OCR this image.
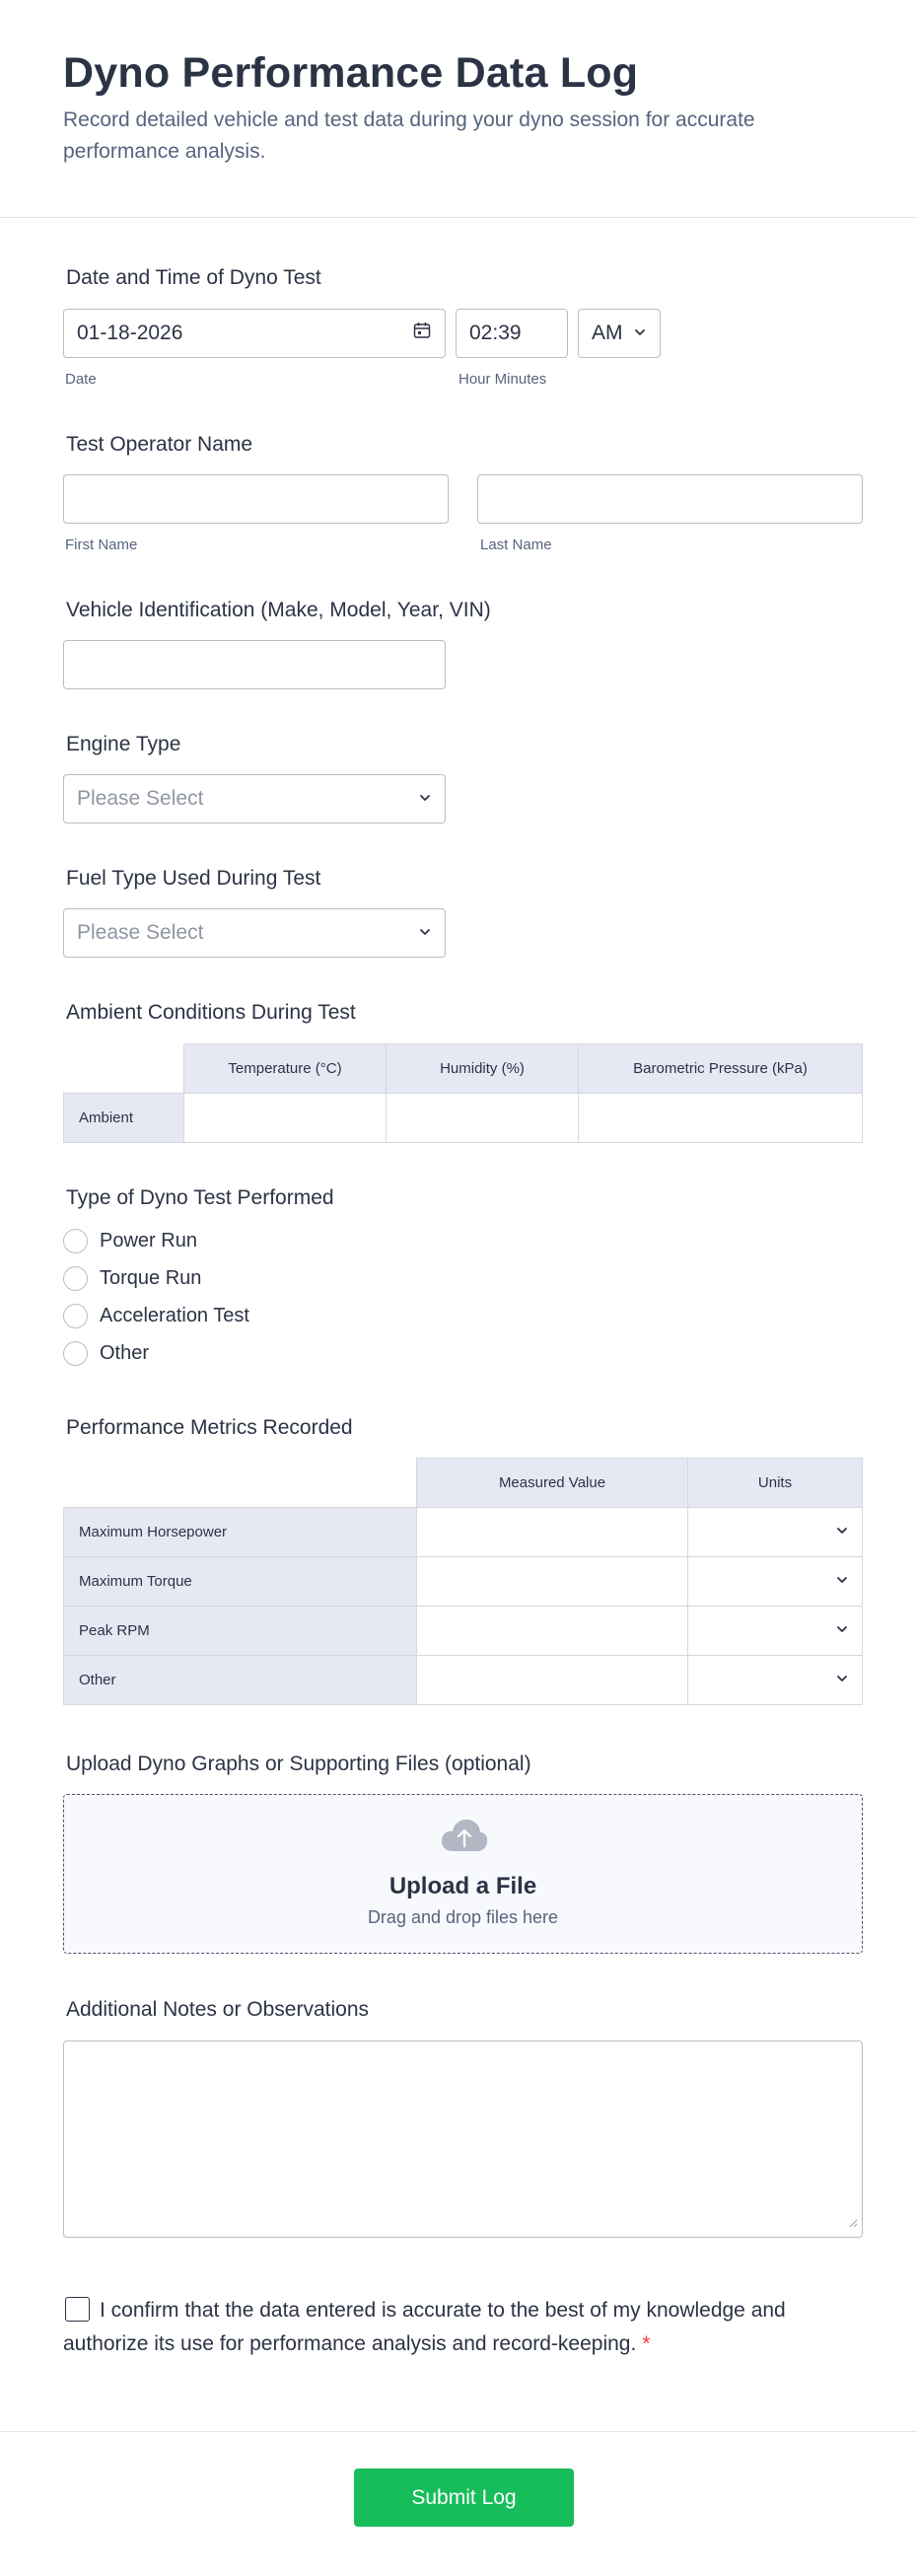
Dyno Performance Data Log

Record detailed vehicle and test data during your dyno session for accurate performance analysis.

Date and Time of Dyno Test
01-18-2026
Date
02:39	AM
Hour Minutes
Test Operator Name
First Name	Last Name
Vehicle Identification (Make, Model, Year, VIN)
Engine Type
Please Select
Fuel Type Used During Test
Please Select
Ambient Conditions During Test
	Temperature (°C)	Humidity (%)	Barometric Pressure (kPa)
Ambient			
Type of Dyno Test Performed
Power Run
Torque Run
Acceleration Test
Other
Performance Metrics Recorded
	Measured Value	Units
Maximum Horsepower		

Maximum Torque		

Peak RPM		

Other		
Upload Dyno Graphs or Supporting Files (optional)
Upload a File
Drag and drop files here
Additional Notes or Observations
I confirm that the data entered is accurate to the best of my knowledge and authorize its use for performance analysis and record-keeping. *
Submit Log
